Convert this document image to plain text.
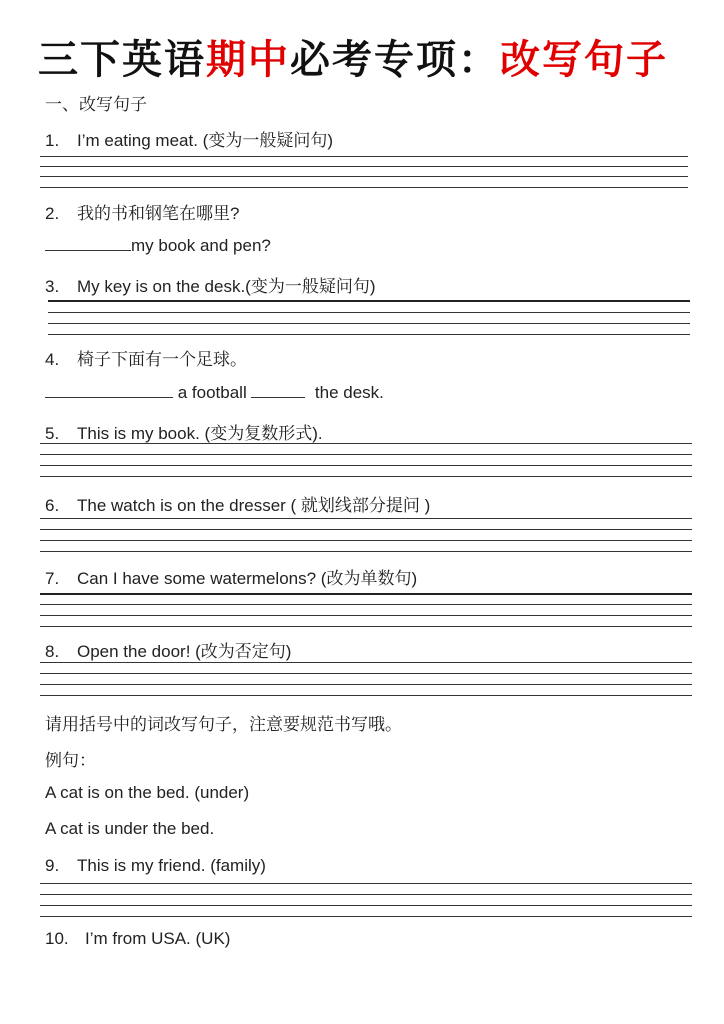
三下英语期中必考专项：改写句子
一、改写句子
1. I’m eating meat. (变为一般疑问句)
2. 我的书和钢笔在哪里?
my book and pen?
3. My key is on the desk.(变为一般疑问句)
4. 椅子下面有一个足球。
a football	the desk.
5. This is my book. (变为复数形式).
6. The watch is on the dresser ( 就划线部分提问 )
7. Can I have some watermelons? (改为单数句)
8. Open the door! (改为否定句)
请用括号中的词改写句子，注意要规范书写哦。
例句：
A cat is on the bed. (under)
A cat is under the bed.
9. This is my friend. (family)
10. I’m from USA. (UK)
